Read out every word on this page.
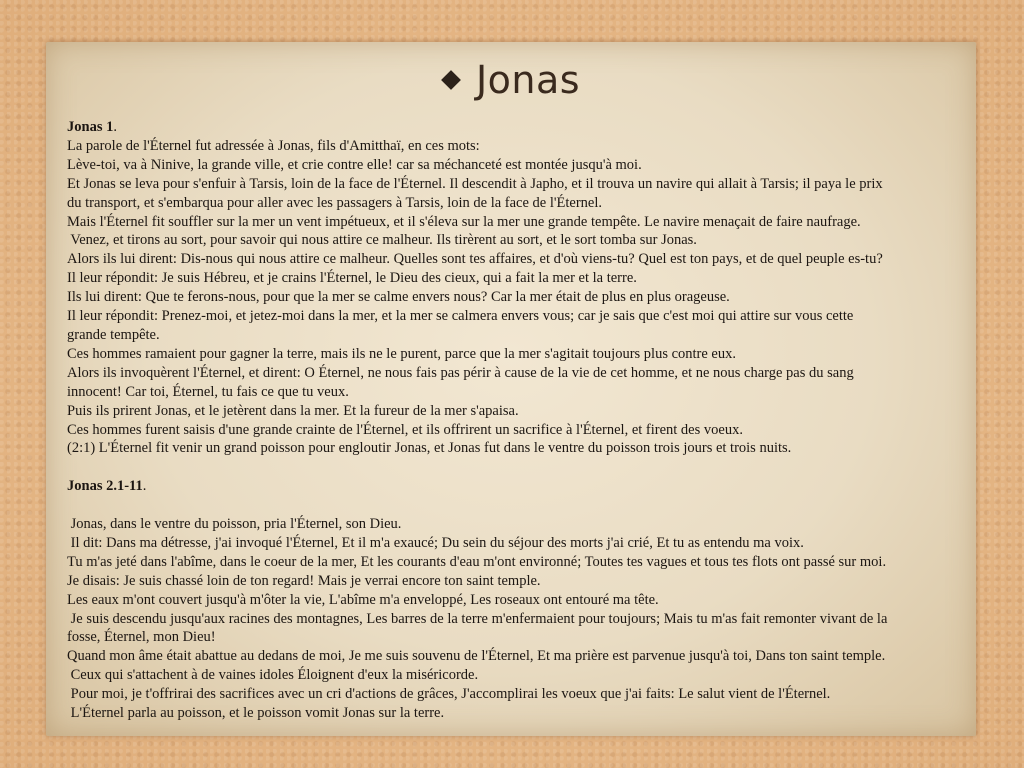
Jonas
Jonas 1.
La parole de l'Éternel fut adressée à Jonas, fils d'Amitthaï, en ces mots:
Lève-toi, va à Ninive, la grande ville, et crie contre elle! car sa méchanceté est montée jusqu'à moi.
Et Jonas se leva pour s'enfuir à Tarsis, loin de la face de l'Éternel. Il descendit à Japho, et il trouva un navire qui allait à Tarsis; il paya le prix
du transport, et s'embarqua pour aller avec les passagers à Tarsis, loin de la face de l'Éternel.
Mais l'Éternel fit souffler sur la mer un vent impétueux, et il s'éleva sur la mer une grande tempête. Le navire menaçait de faire naufrage.
Venez, et tirons au sort, pour savoir qui nous attire ce malheur. Ils tirèrent au sort, et le sort tomba sur Jonas.
Alors ils lui dirent: Dis-nous qui nous attire ce malheur. Quelles sont tes affaires, et d'où viens-tu? Quel est ton pays, et de quel peuple es-tu?
Il leur répondit: Je suis Hébreu, et je crains l'Éternel, le Dieu des cieux, qui a fait la mer et la terre.
Ils lui dirent: Que te ferons-nous, pour que la mer se calme envers nous? Car la mer était de plus en plus orageuse.
Il leur répondit: Prenez-moi, et jetez-moi dans la mer, et la mer se calmera envers vous; car je sais que c'est moi qui attire sur vous cette
grande tempête.
Ces hommes ramaient pour gagner la terre, mais ils ne le purent, parce que la mer s'agitait toujours plus contre eux.
Alors ils invoquèrent l'Éternel, et dirent: O Éternel, ne nous fais pas périr à cause de la vie de cet homme, et ne nous charge pas du sang
innocent! Car toi, Éternel, tu fais ce que tu veux.
Puis ils prirent Jonas, et le jetèrent dans la mer. Et la fureur de la mer s'apaisa.
Ces hommes furent saisis d'une grande crainte de l'Éternel, et ils offrirent un sacrifice à l'Éternel, et firent des voeux.
(2:1) L'Éternel fit venir un grand poisson pour engloutir Jonas, et Jonas fut dans le ventre du poisson trois jours et trois nuits.
Jonas 2.1-11.
Jonas, dans le ventre du poisson, pria l'Éternel, son Dieu.
Il dit: Dans ma détresse, j'ai invoqué l'Éternel, Et il m'a exaucé; Du sein du séjour des morts j'ai crié, Et tu as entendu ma voix.
Tu m'as jeté dans l'abîme, dans le coeur de la mer, Et les courants d'eau m'ont environné; Toutes tes vagues et tous tes flots ont passé sur moi.
Je disais: Je suis chassé loin de ton regard! Mais je verrai encore ton saint temple.
Les eaux m'ont couvert jusqu'à m'ôter la vie, L'abîme m'a enveloppé, Les roseaux ont entouré ma tête.
Je suis descendu jusqu'aux racines des montagnes, Les barres de la terre m'enfermaient pour toujours; Mais tu m'as fait remonter vivant de la
fosse, Éternel, mon Dieu!
Quand mon âme était abattue au dedans de moi, Je me suis souvenu de l'Éternel, Et ma prière est parvenue jusqu'à toi, Dans ton saint temple.
Ceux qui s'attachent à de vaines idoles Éloignent d'eux la miséricorde.
Pour moi, je t'offrirai des sacrifices avec un cri d'actions de grâces, J'accomplirai les voeux que j'ai faits: Le salut vient de l'Éternel.
L'Éternel parla au poisson, et le poisson vomit Jonas sur la terre.
